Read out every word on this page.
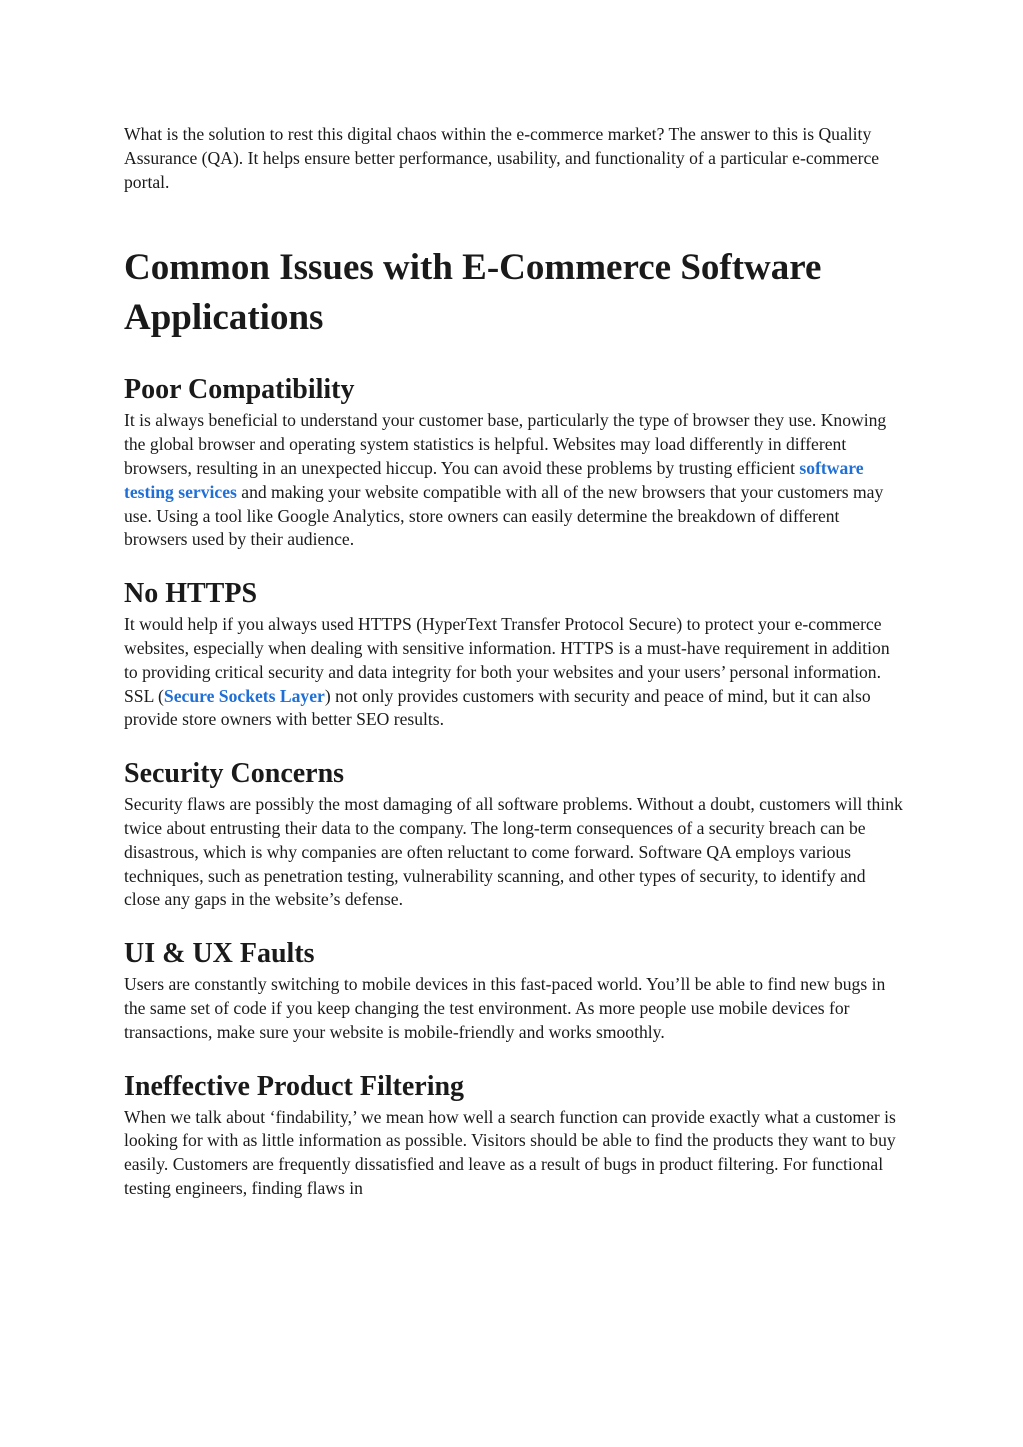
What is the solution to rest this digital chaos within the e-commerce market? The answer to this is Quality Assurance (QA). It helps ensure better performance, usability, and functionality of a particular e-commerce portal.

Common Issues with E-Commerce Software Applications
Poor Compatibility

It is always beneficial to understand your customer base, particularly the type of browser they use. Knowing the global browser and operating system statistics is helpful. Websites may load differently in different browsers, resulting in an unexpected hiccup. You can avoid these problems by trusting efficient software testing services and making your website compatible with all of the new browsers that your customers may use. Using a tool like Google Analytics, store owners can easily determine the breakdown of different browsers used by their audience.

No HTTPS

It would help if you always used HTTPS (HyperText Transfer Protocol Secure) to protect your e-commerce websites, especially when dealing with sensitive information. HTTPS is a must-have requirement in addition to providing critical security and data integrity for both your websites and your users’ personal information. SSL (Secure Sockets Layer) not only provides customers with security and peace of mind, but it can also provide store owners with better SEO results.

Security Concerns

Security flaws are possibly the most damaging of all software problems. Without a doubt, customers will think twice about entrusting their data to the company. The long-term consequences of a security breach can be disastrous, which is why companies are often reluctant to come forward. Software QA employs various techniques, such as penetration testing, vulnerability scanning, and other types of security, to identify and close any gaps in the website’s defense.

UI & UX Faults

Users are constantly switching to mobile devices in this fast-paced world. You’ll be able to find new bugs in the same set of code if you keep changing the test environment. As more people use mobile devices for transactions, make sure your website is mobile-friendly and works smoothly.

Ineffective Product Filtering

When we talk about ‘findability,’ we mean how well a search function can provide exactly what a customer is looking for with as little information as possible. Visitors should be able to find the products they want to buy easily. Customers are frequently dissatisfied and leave as a result of bugs in product filtering. For functional testing engineers, finding flaws in
